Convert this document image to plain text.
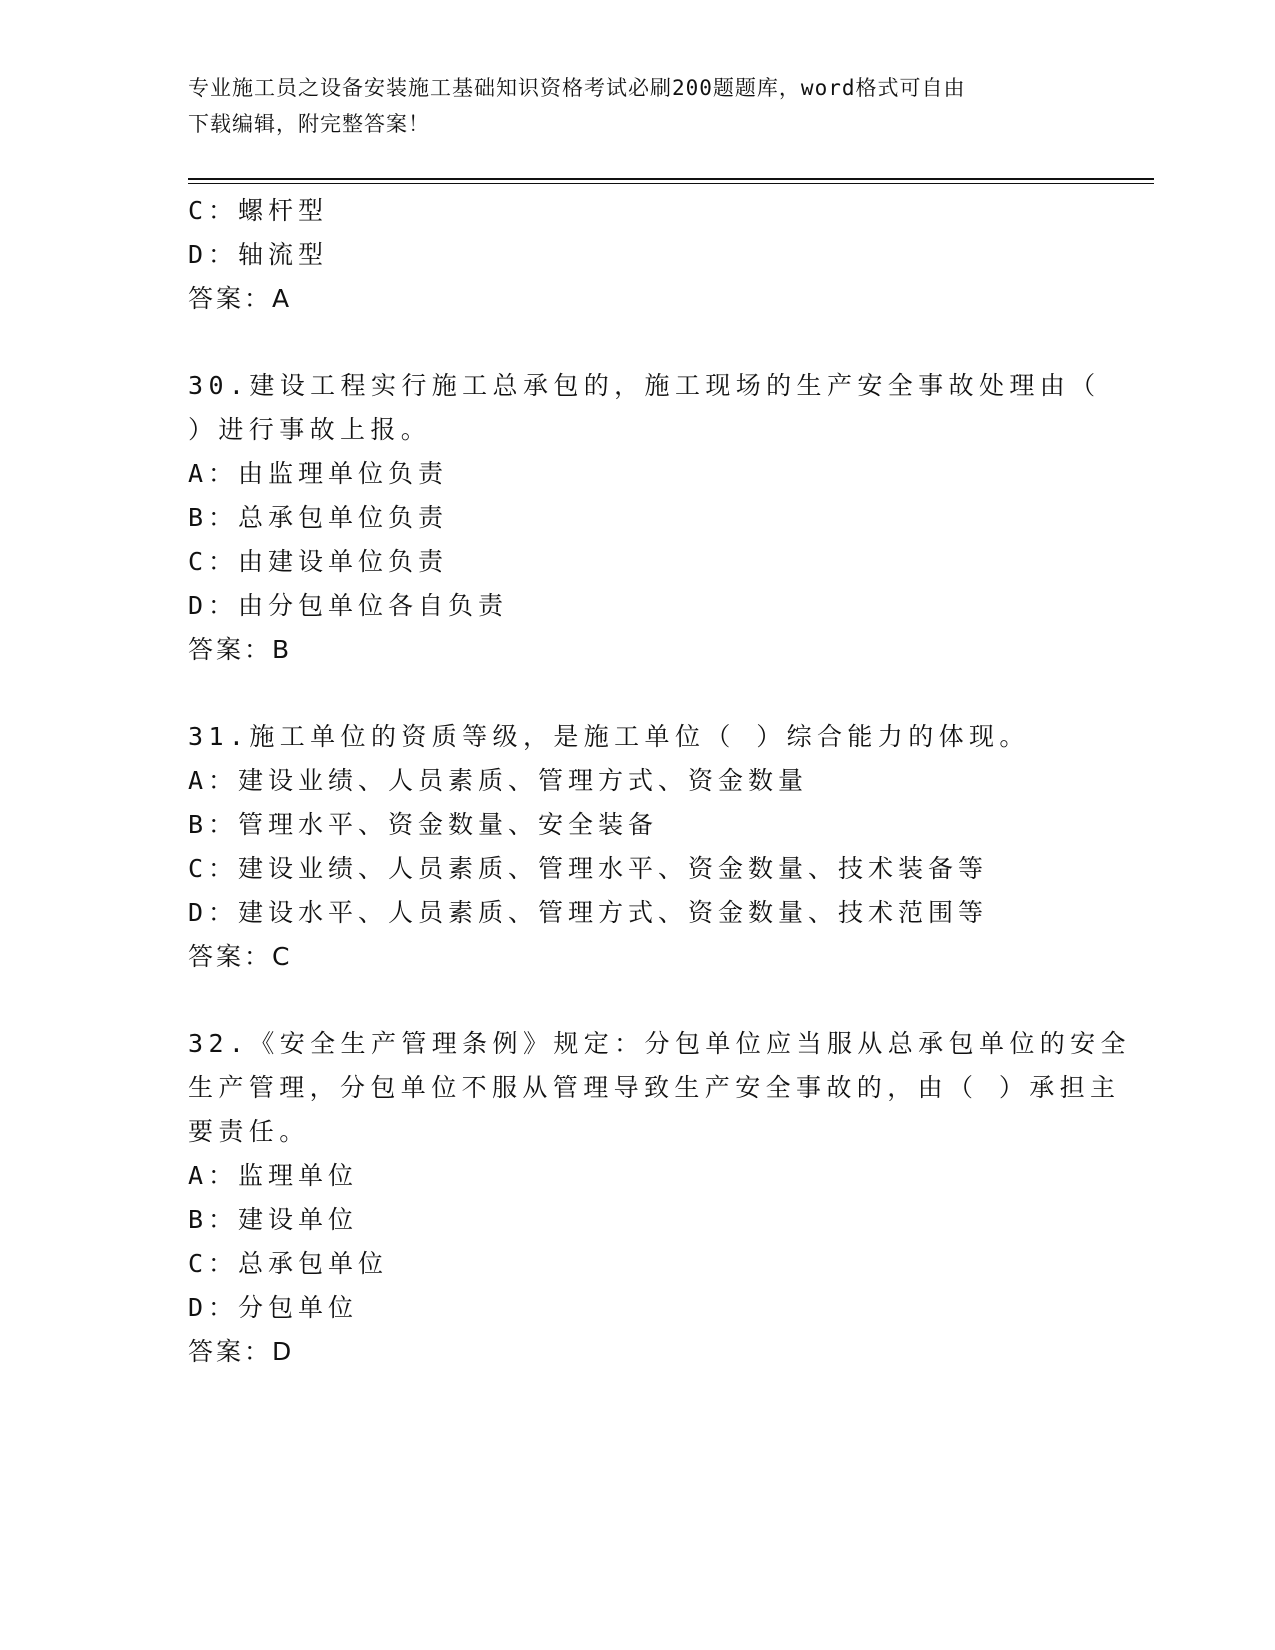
专业施工员之设备安装施工基础知识资格考试必刷200题题库，word格式可自由
下载编辑，附完整答案！
C：螺杆型
D：轴流型
答案：A
30.建设工程实行施工总承包的，施工现场的生产安全事故处理由（
）进行事故上报。
A：由监理单位负责
B：总承包单位负责
C：由建设单位负责
D：由分包单位各自负责
答案：B
31.施工单位的资质等级，是施工单位（ ）综合能力的体现。
A：建设业绩、人员素质、管理方式、资金数量
B：管理水平、资金数量、安全装备
C：建设业绩、人员素质、管理水平、资金数量、技术装备等
D：建设水平、人员素质、管理方式、资金数量、技术范围等
答案：C
32.《安全生产管理条例》规定：分包单位应当服从总承包单位的安全
生产管理，分包单位不服从管理导致生产安全事故的，由（ ）承担主
要责任。
A：监理单位
B：建设单位
C：总承包单位
D：分包单位
答案：D
